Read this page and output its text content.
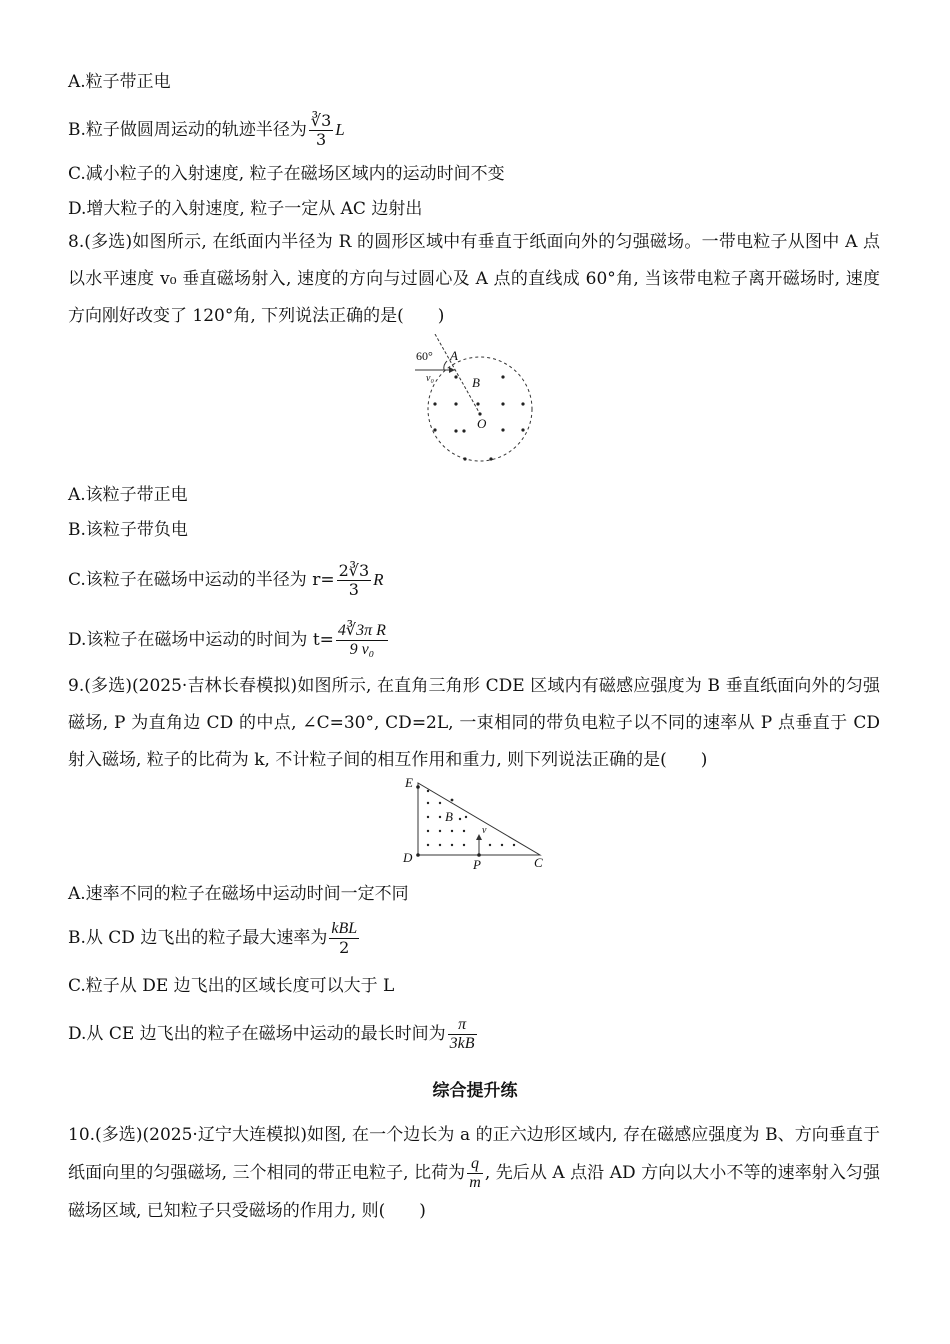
A.粒子带正电
B.粒子做圆周运动的轨迹半径为 $\frac{∛3}{3}$ L
C.减小粒子的入射速度, 粒子在磁场区域内的运动时间不变
D.增大粒子的入射速度, 粒子一定从 AC 边射出
8.(多选)如图所示, 在纸面内半径为 R 的圆形区域中有垂直于纸面向外的匀强磁场。一带电粒子从图中 A 点以水平速度 v₀ 垂直磁场射入, 速度的方向与过圆心及 A 点的直线成 60°角, 当该带电粒子离开磁场时, 速度方向刚好改变了 120°角, 下列说法正确的是(　　)
60° A
v₀	B
O
A.该粒子带正电
B.该粒子带负电
C.该粒子在磁场中运动的半径为 $r= \frac{2∛3}{3}$ R
D.该粒子在磁场中运动的时间为 $t= \frac{\text{4∛3π R}}{\text{9 v₀}}$
9.(多选)(2025·吉林长春模拟)如图所示, 在直角三角形 CDE 区域内有磁感应强度为 B 垂直纸面向外的匀强磁场, P 为直角边 CD 的中点, ∠C=30°, CD=2L, 一束相同的带负电粒子以不同的速率从 P 点垂直于 CD 射入磁场, 粒子的比荷为 k, 不计粒子间的相互作用和重力, 则下列说法正确的是(　　)
E
D	C
P
B
v
A.速率不同的粒子在磁场中运动时间一定不同
B.从 CD 边飞出的粒子最大速率为 $\frac{\text{kBL}}{2}$
C.粒子从 DE 边飞出的区域长度可以大于 L
D.从 CE 边飞出的粒子在磁场中运动的最长时间为 $\frac{\pi}{3kB}$
综合提升练
10.(多选)(2025·辽宁大连模拟)如图, 在一个边长为 a 的正六边形区域内, 存在磁感应强度为 B、方向垂直于纸面向里的匀强磁场, 三个相同的带正电粒子, 比荷为 $\frac{q}{m}$ , 先后从 A 点沿 AD 方向以大小不等的速率射入匀强磁场区域, 已知粒子只受磁场的作用力, 则(　　)
